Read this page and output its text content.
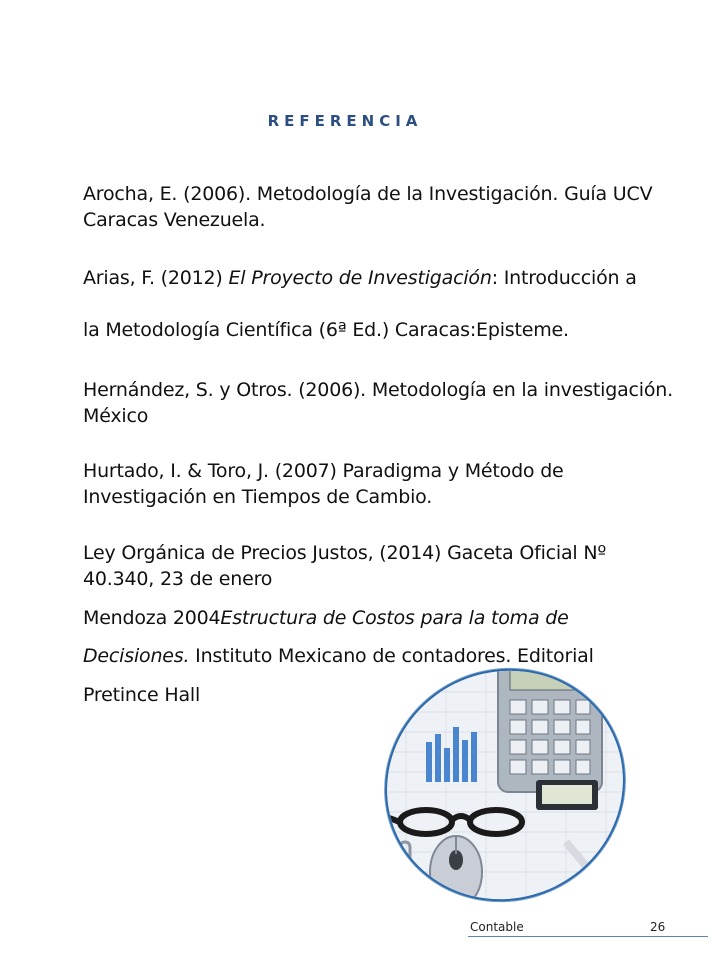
REFERENCIA

Arocha, E. (2006). Metodología de la Investigación. Guía UCV Caracas Venezuela.

Arias, F. (2012) El Proyecto de Investigación: Introducción a

la Metodología Científica (6ª Ed.) Caracas:Episteme.

Hernández, S. y Otros. (2006). Metodología en la investigación. México

Hurtado, I. & Toro, J. (2007) Paradigma y Método de Investigación en Tiempos de Cambio.

Ley Orgánica de Precios Justos, (2014) Gaceta Oficial Nº 40.340, 23 de enero

Mendoza 2004Estructura de Costos para la toma de

Decisiones. Instituto Mexicano de contadores. Editorial

Pretince Hall

Contable	26
